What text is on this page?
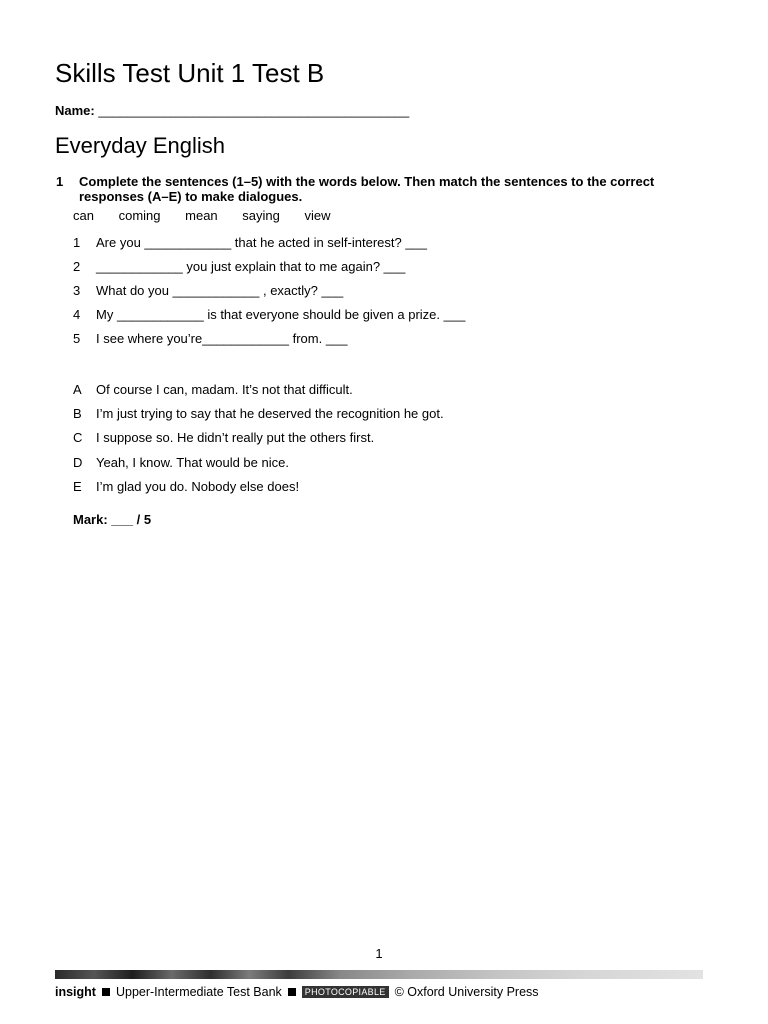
Skills Test Unit 1 Test B
Name: ___________________________________________
Everyday English
1 Complete the sentences (1–5) with the words below. Then match the sentences to the correct responses (A–E) to make dialogues.
can coming mean saying view
1 Are you ____________ that he acted in self-interest? ___
2 ____________ you just explain that to me again? ___
3 What do you ____________ , exactly? ___
4 My ____________ is that everyone should be given a prize. ___
5 I see where you’re____________ from. ___
A Of course I can, madam. It’s not that difficult.
B I’m just trying to say that he deserved the recognition he got.
C I suppose so. He didn’t really put the others first.
D Yeah, I know. That would be nice.
E I’m glad you do. Nobody else does!
Mark: ___ / 5
1
insight Upper-Intermediate Test Bank	PHOTOCOPIABLE © Oxford University Press
